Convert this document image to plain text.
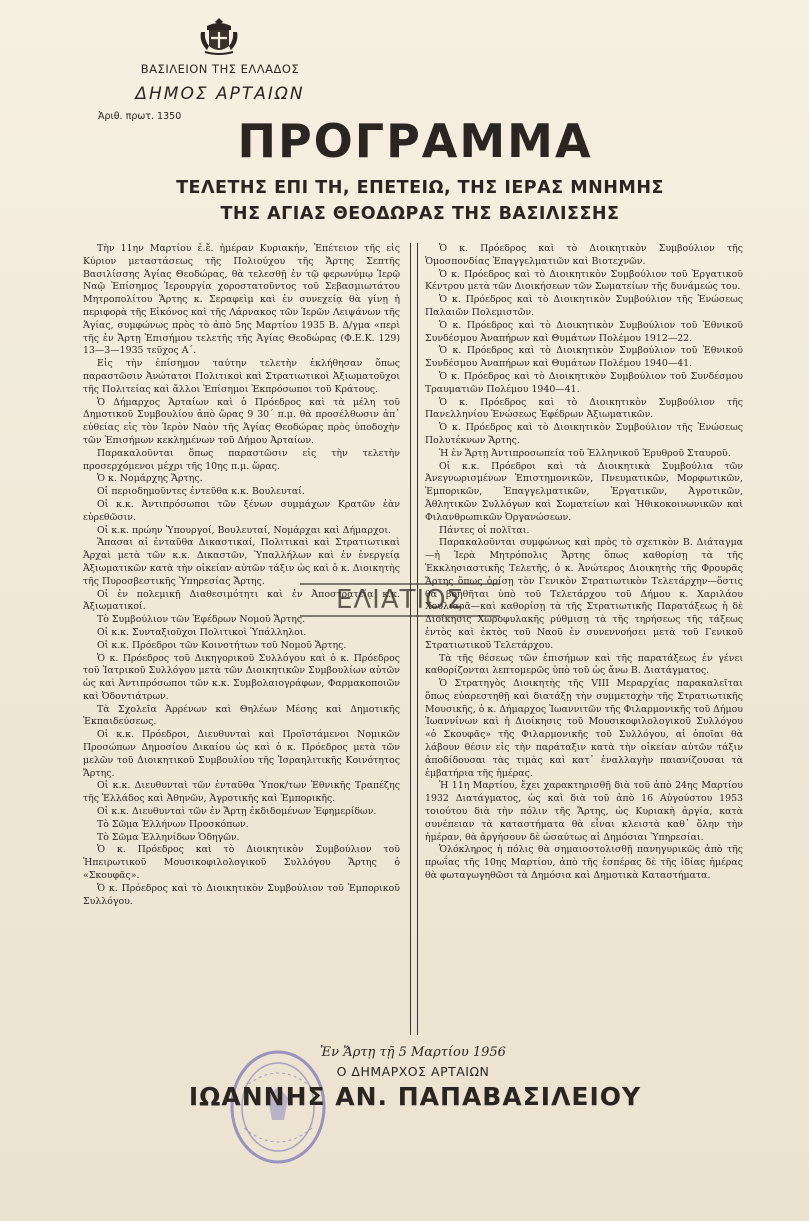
ΒΑΣΙΛΕΙΟΝ ΤΗΣ ΕΛΛΑΔΟΣ
ΔΗΜΟΣ ΑΡΤΑΙΩΝ
Ἀριθ. πρωτ. 1350	ΠΡΟΓΡΑΜΜΑ
ΤΕΛΕΤΗΣ ΕΠΙ ΤΗ, ΕΠΕΤΕΙΩ, ΤΗΣ ΙΕΡΑΣ ΜΝΗΜΗΣ
ΤΗΣ ΑΓΙΑΣ ΘΕΟΔΩΡΑΣ ΤΗΣ ΒΑΣΙΛΙΣΣΗΣ

Τὴν 11ην Μαρτίου ἐ.ἔ. ἡμέραν Κυριακήν, Ἐπέτειον τῆς εἰς Κύριον μεταστάσεως τῆς Πολιούχου τῆς Ἄρτης Σεπτῆς Βασιλίσσης Ἁγίας Θεοδώρας, θὰ τελεσθῇ ἐν τῷ φερωνύμῳ Ἱερῷ Ναῷ Ἐπίσημος Ἱερουργία χοροστατοῦντος τοῦ Σεβασμιωτάτου Μητροπολίτου Ἄρτης κ. Σεραφεὶμ καὶ ἐν συνεχείᾳ θὰ γίνῃ ἡ περιφορὰ τῆς Εἰκόνος καὶ τῆς Λάρνακος τῶν Ἱερῶν Λειψάνων τῆς Ἁγίας, συμφώνως πρὸς τὸ ἀπὸ 5ης Μαρτίου 1935 Β. Δ/γμα «περὶ τῆς ἐν Ἄρτῃ Ἐπισήμου τελετῆς τῆς Ἁγίας Θεοδώρας (Φ.Ε.Κ. 129) 13—3—1935 τεῦχος Α΄.

Εἰς τὴν ἐπίσημον ταύτην τελετὴν ἐκλήθησαν ὅπως παραστῶσιν Ἀνώτατοι Πολιτικοὶ καὶ Στρατιωτικοὶ Ἀξιωματοῦχοι τῆς Πολιτείας καὶ ἄλλοι Ἐπίσημοι Ἐκπρόσωποι τοῦ Κράτους.

Ὁ Δήμαρχος Ἀρταίων καὶ ὁ Πρόεδρος καὶ τὰ μέλη τοῦ Δημοτικοῦ Συμβουλίου ἀπὸ ὥρας 9 30΄ π.μ. θὰ προσέλθωσιν ἀπ᾿ εὐθείας εἰς τὸν Ἱερὸν Ναὸν τῆς Ἁγίας Θεοδώρας πρὸς ὑποδοχὴν τῶν Ἐπισήμων κεκλημένων τοῦ Δήμου Ἀρταίων.

Παρακαλοῦνται ὅπως παραστῶσιν εἰς τὴν τελετὴν προσερχόμενοι μέχρι τῆς 10ης π.μ. ὥρας.

Ὁ κ. Νομάρχης Ἄρτης.

Οἱ περιοδημοῦντες ἐντεῦθα κ.κ. Βουλευταί.

Οἱ κ.κ. Ἀντιπρόσωποι τῶν ξένων συμμάχων Κρατῶν ἐὰν εὑρεθῶσιν.

Οἱ κ.κ. πρώην Ὑπουργοί, Βουλευταί, Νομάρχαι καὶ Δήμαρχοι.

Ἅπασαι αἱ ἐνταῦθα Δικαστικαί, Πολιτικαὶ καὶ Στρατιωτικαὶ Ἀρχαὶ μετὰ τῶν κ.κ. Δικαστῶν, Ὑπαλλήλων καὶ ἐν ἐνεργείᾳ Ἀξιωματικῶν κατὰ τὴν οἰκείαν αὐτῶν τάξιν ὡς καὶ ὁ κ. Διοικητὴς τῆς Πυροσβεστικῆς Ὑπηρεσίας Ἄρτης.

Οἱ ἐν πολεμικῇ Διαθεσιμότητι καὶ ἐν Ἀποστρατείᾳ κ.κ. Ἀξιωματικοί.

Τὸ Συμβούλιον τῶν Ἐφέδρων Νομοῦ Ἄρτης.

Οἱ κ.κ. Συνταξιοῦχοι Πολιτικοὶ Ὑπάλληλοι.

Οἱ κ.κ. Πρόεδροι τῶν Κοινοτήτων τοῦ Νομοῦ Ἄρτης.

Ὁ κ. Πρόεδρος τοῦ Δικηγορικοῦ Συλλόγου καὶ ὁ κ. Πρόεδρος τοῦ Ἰατρικοῦ Συλλόγου μετὰ τῶν Διοικητικῶν Συμβουλίων αὐτῶν ὡς καὶ Ἀντιπρόσωποι τῶν κ.κ. Συμβολαιογράφων, Φαρμακοποιῶν καὶ Ὀδοντιάτρων.

Τὰ Σχολεῖα Ἀρρένων καὶ Θηλέων Μέσης καὶ Δημοτικῆς Ἐκπαιδεύσεως.

Οἱ κ.κ. Πρόεδροι, Διευθυνταὶ καὶ Προϊστάμενοι Νομικῶν Προσώπων Δημοσίου Δικαίου ὡς καὶ ὁ κ. Πρόεδρος μετὰ τῶν μελῶν τοῦ Διοικητικοῦ Συμβουλίου τῆς Ἰσραηλιτικῆς Κοινότητος Ἄρτης.

Οἱ κ.κ. Διευθυνταὶ τῶν ἐνταῦθα Ὑποκ/των Ἐθνικῆς Τραπέζης τῆς Ἑλλάδος καὶ Ἀθηνῶν, Ἀγροτικῆς καὶ Ἐμπορικῆς.

Οἱ κ.κ. Διευθυνταὶ τῶν ἐν Ἄρτῃ ἐκδιδομένων Ἐφημερίδων.

Τὸ Σῶμα Ἑλλήνων Προσκόπων.

Τὸ Σῶμα Ἑλληνίδων Ὁδηγῶν.

Ὁ κ. Πρόεδρος καὶ τὸ Διοικητικὸν Συμβούλιον τοῦ Ἠπειρωτικοῦ Μουσικοφιλολογικοῦ Συλλόγου Ἄρτης ὁ «Σκουφᾶς».

Ὁ κ. Πρόεδρος καὶ τὸ Διοικητικὸν Συμβούλιον τοῦ Ἐμπορικοῦ Συλλόγου.

Ὁ κ. Πρόεδρος καὶ τὸ Διοικητικὸν Συμβούλιον τῆς Ὁμοσπονδίας Ἐπαγγελματιῶν καὶ Βιοτεχνῶν.

Ὁ κ. Πρόεδρος καὶ τὸ Διοικητικὸν Συμβούλιον τοῦ Ἐργατικοῦ Κέντρου μετὰ τῶν Διοικήσεων τῶν Σωματείων τῆς δυνάμεώς του.

Ὁ κ. Πρόεδρος καὶ τὸ Διοικητικὸν Συμβούλιον τῆς Ἑνώσεως Παλαιῶν Πολεμιστῶν.

Ὁ κ. Πρόεδρος καὶ τὸ Διοικητικὸν Συμβούλιον τοῦ Ἐθνικοῦ Συνδέσμου Ἀναπήρων καὶ Θυμάτων Πολέμου 1912—22.

Ὁ κ. Πρόεδρος καὶ τὸ Διοικητικὸν Συμβούλιον τοῦ Ἐθνικοῦ Συνδέσμου Ἀναπήρων καὶ Θυμάτων Πολέμου 1940—41.

Ὁ κ. Πρόεδρος καὶ τὸ Διοικητικὸν Συμβούλιον τοῦ Συνδέσμου Τραυματιῶν Πολέμου 1940—41.

Ὁ κ. Πρόεδρος καὶ τὸ Διοικητικὸν Συμβούλιον τῆς Πανελληνίου Ἑνώσεως Ἐφέδρων Ἀξιωματικῶν.

Ὁ κ. Πρόεδρος καὶ τὸ Διοικητικὸν Συμβούλιον τῆς Ἑνώσεως Πολυτέκνων Ἄρτης.

Ἡ ἐν Ἄρτῃ Ἀντιπροσωπεία τοῦ Ἑλληνικοῦ Ἐρυθροῦ Σταυροῦ.

Οἱ κ.κ. Πρόεδροι καὶ τὰ Διοικητικὰ Συμβούλια τῶν Ἀνεγνωρισμένων Ἐπιστημονικῶν, Πνευματικῶν, Μορφωτικῶν, Ἐμπορικῶν, Ἐπαγγελματικῶν, Ἐργατικῶν, Ἀγροτικῶν, Ἀθλητικῶν Συλλόγων καὶ Σωματείων καὶ Ἠθικοκοινωνικῶν καὶ Φιλανθρωπικῶν Ὀργανώσεων.

Πάντες οἱ πολῖται.

Παρακαλοῦνται συμφώνως καὶ πρὸς τὸ σχετικὸν Β. Διάταγμα—ἡ Ἱερὰ Μητρόπολις Ἄρτης ὅπως καθορίσῃ τὰ τῆς Ἐκκλησιαστικῆς Τελετῆς, ὁ κ. Ἀνώτερος Διοικητὴς τῆς Φρουρᾶς Ἄρτης ὅπως ὁρίσῃ τὸν Γενικὸν Στρατιωτικὸν Τελετάρχην—ὅστις θὰ βοηθῆται ὑπὸ τοῦ Τελετάρχου τοῦ Δήμου κ. Χαριλάου Χουλιαρᾶ—καὶ καθορίσῃ τὰ τῆς Στρατιωτικῆς Παρατάξεως ἡ δὲ Διοίκησις Χωροφυλακῆς ρύθμισῃ τὰ τῆς τηρήσεως τῆς τάξεως ἐντὸς καὶ ἐκτὸς τοῦ Ναοῦ ἐν συνεννοήσει μετὰ τοῦ Γενικοῦ Στρατιωτικοῦ Τελετάρχου.

Τὰ τῆς θέσεως τῶν ἐπισήμων καὶ τῆς παρατάξεως ἐν γένει καθορίζονται λεπτομερῶς ὑπὸ τοῦ ὡς ἄνω Β. Διατάγματος.

Ὁ Στρατηγὸς Διοικητὴς τῆς VIII Μεραρχίας παρακαλεῖται ὅπως εὐαρεστηθῇ καὶ διατάξῃ τὴν συμμετοχὴν τῆς Στρατιωτικῆς Μουσικῆς, ὁ κ. Δήμαρχος Ἰωαννιτῶν τῆς Φιλαρμονικῆς τοῦ Δήμου Ἰωαννίνων καὶ ἡ Διοίκησις τοῦ Μουσικοφιλολογικοῦ Συλλόγου «ὁ Σκουφᾶς» τῆς Φιλαρμονικῆς τοῦ Συλλόγου, αἱ ὁποῖαι θὰ λάβουν θέσιν εἰς τὴν παράταξιν κατὰ τὴν οἰκείαν αὐτῶν τάξιν ἀποδίδουσαι τὰς τιμὰς καὶ κατ᾿ ἐναλλαγὴν παιανίζουσαι τὰ ἐμβατήρια τῆς ἡμέρας.

Ἡ 11η Μαρτίου, ἔχει χαρακτηρισθῇ διὰ τοῦ ἀπὸ 24ης Μαρτίου 1932 Διατάγματος, ὡς καὶ διὰ τοῦ ἀπὸ 16 Αὐγούστου 1953 τοιούτου διὰ τὴν πόλιν τῆς Ἄρτης, ὡς Κυριακὴ ἀργία, κατὰ συνέπειαν τὰ καταστήματα θὰ εἶναι κλειστὰ καθ᾿ ὅλην τὴν ἡμέραν, θὰ ἀργήσουν δὲ ὡσαύτως αἱ Δημόσιαι Ὑπηρεσίαι.

Ὁλόκληρος ἡ πόλις θὰ σημαιοστολισθῇ πανηγυρικῶς ἀπὸ τῆς πρωΐας τῆς 10ης Μαρτίου, ἀπὸ τῆς ἑσπέρας δὲ τῆς ἰδίας ἡμέρας θὰ φωταγωγηθῶσι τὰ Δημόσια καὶ Δημοτικὰ Καταστήματα.

ΕΛΙΑΤΙΟΣ
Ἐν Ἄρτῃ τῇ 5 Μαρτίου 1956
Ο ΔΗΜΑΡΧΟΣ ΑΡΤΑΙΩΝ
ΙΩΑΝΝΗΣ ΑΝ. ΠΑΠΑΒΑΣΙΛΕΙΟΥ
